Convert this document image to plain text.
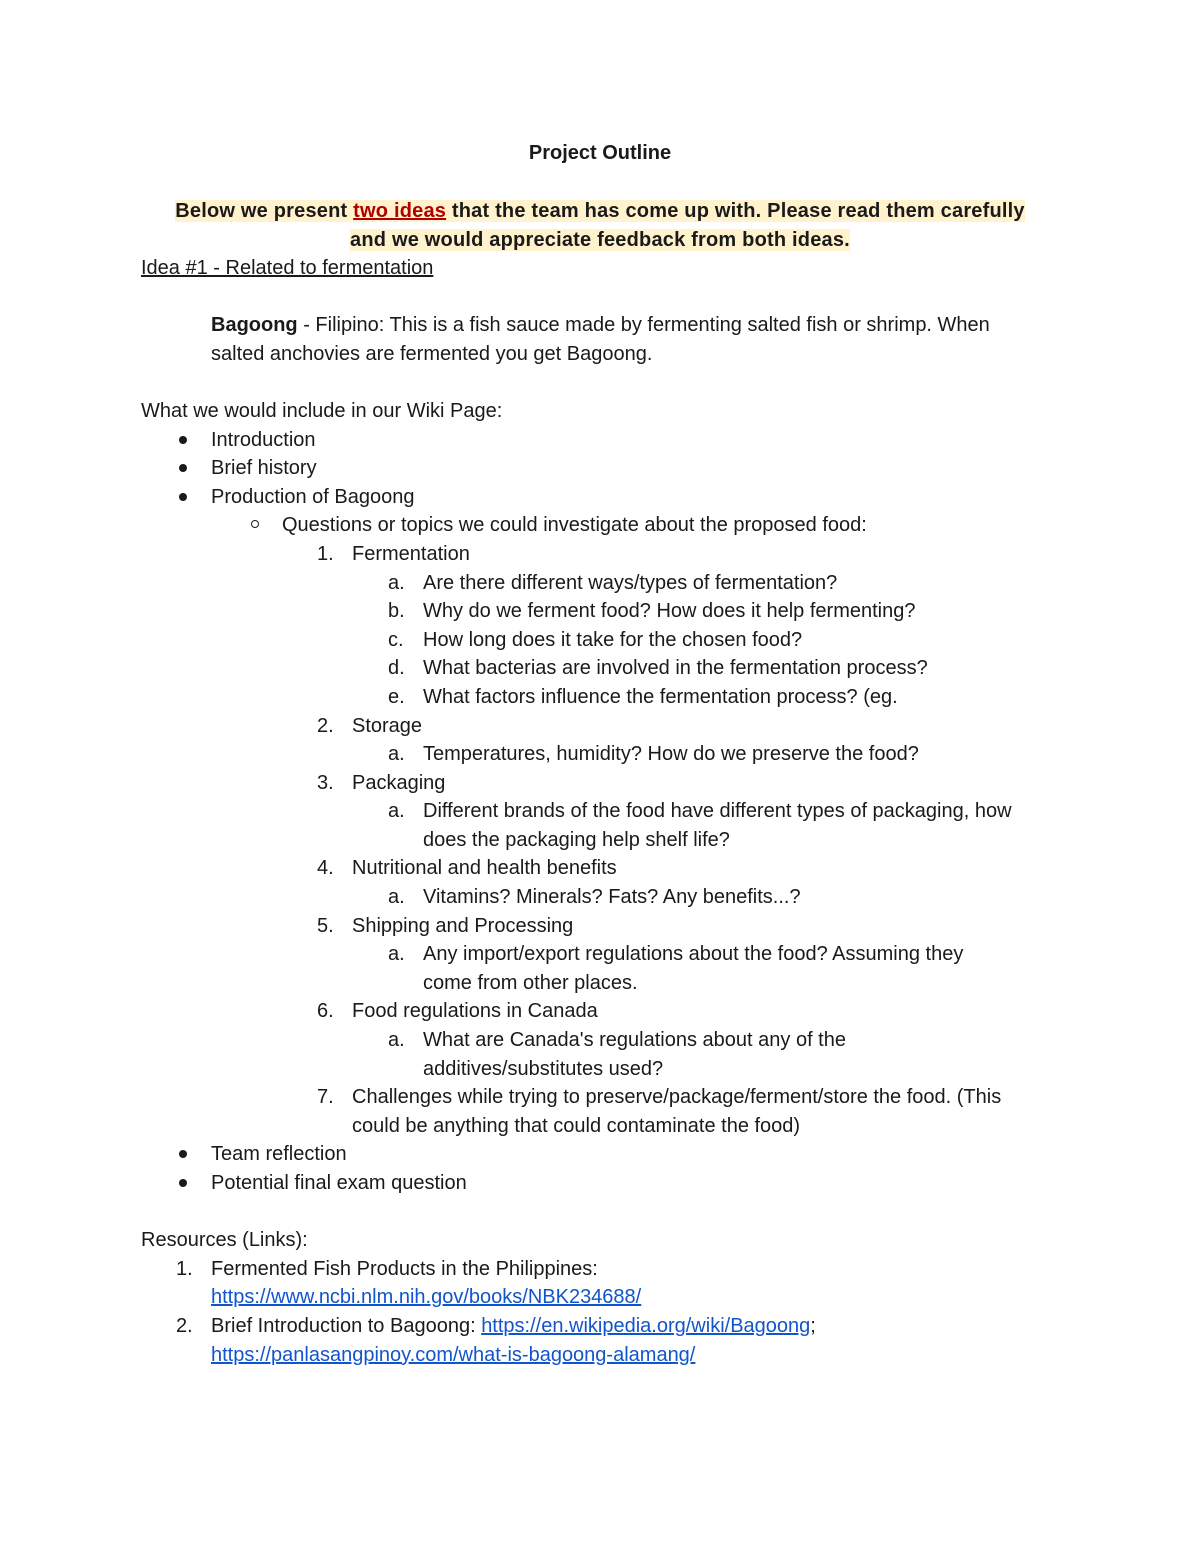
Project Outline
Below we present two ideas that the team has come up with. Please read them carefully
and we would appreciate feedback from both ideas.
Idea #1 - Related to fermentation
Bagoong - Filipino: This is a fish sauce made by fermenting salted fish or shrimp. When
salted anchovies are fermented you get Bagoong.
What we would include in our Wiki Page:
Introduction
Brief history
Production of Bagoong
Questions or topics we could investigate about the proposed food:
1. Fermentation
a. Are there different ways/types of fermentation?
b. Why do we ferment food? How does it help fermenting?
c. How long does it take for the chosen food?
d. What bacterias are involved in the fermentation process?
e. What factors influence the fermentation process? (eg.
2. Storage
a. Temperatures, humidity? How do we preserve the food?
3. Packaging
a. Different brands of the food have different types of packaging, how
does the packaging help shelf life?
4. Nutritional and health benefits
a. Vitamins? Minerals? Fats? Any benefits...?
5. Shipping and Processing
a. Any import/export regulations about the food? Assuming they
come from other places.
6. Food regulations in Canada
a. What are Canada's regulations about any of the
additives/substitutes used?
7. Challenges while trying to preserve/package/ferment/store the food. (This
could be anything that could contaminate the food)
Team reflection
Potential final exam question
Resources (Links):
1. Fermented Fish Products in the Philippines:
https://www.ncbi.nlm.nih.gov/books/NBK234688/
2. Brief Introduction to Bagoong: https://en.wikipedia.org/wiki/Bagoong;
https://panlasangpinoy.com/what-is-bagoong-alamang/
